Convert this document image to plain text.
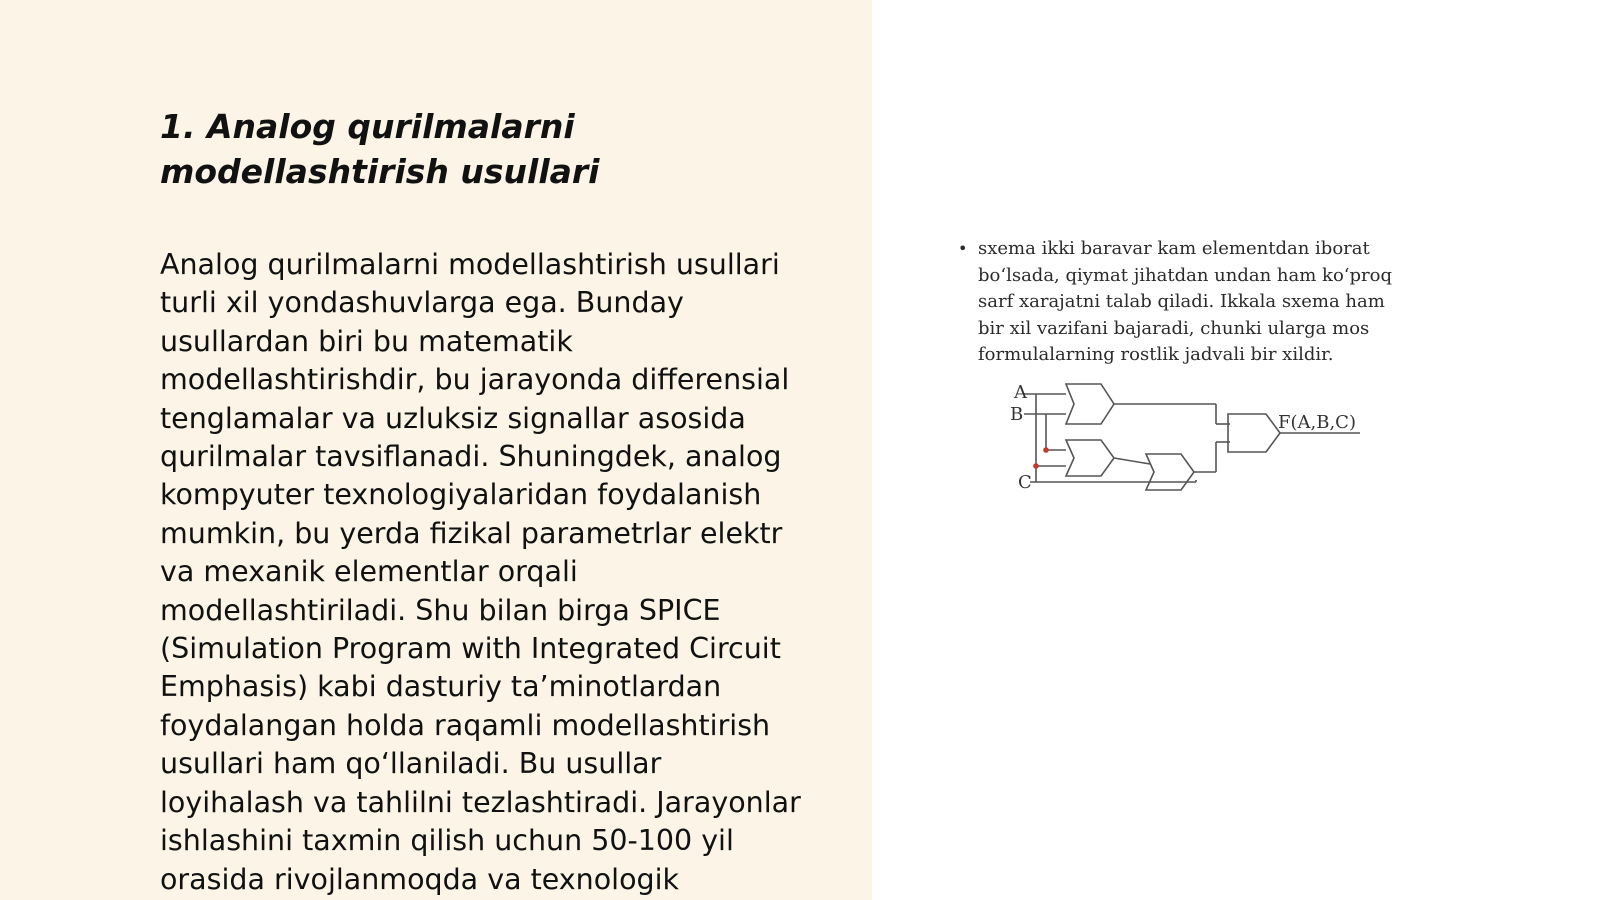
1. Analog qurilmalarni
modellashtirish usullari

Analog qurilmalarni modellashtirish usullari
turli xil yondashuvlarga ega. Bunday
usullardan biri bu matematik
modellashtirishdir, bu jarayonda differensial
tenglamalar va uzluksiz signallar asosida
qurilmalar tavsiflanadi. Shuningdek, analog
kompyuter texnologiyalaridan foydalanish
mumkin, bu yerda fizikal parametrlar elektr
va mexanik elementlar orqali
modellashtiriladi. Shu bilan birga SPICE
(Simulation Program with Integrated Circuit
Emphasis) kabi dasturiy ta’minotlardan
foydalangan holda raqamli modellashtirish
usullari ham qo‘llaniladi. Bu usullar
loyihalash va tahlilni tezlashtiradi. Jarayonlar
ishlashini taxmin qilish uchun 50-100 yil
orasida rivojlanmoqda va texnologik

• sxema ikki baravar kam elementdan iborat
bo‘lsada, qiymat jihatdan undan ham ko‘proq
sarf xarajatni talab qiladi. Ikkala sxema ham
bir xil vazifani bajaradi, chunki ularga mos
formulalarning rostlik jadvali bir xildir.
A
B
C
F(A,B,C)
